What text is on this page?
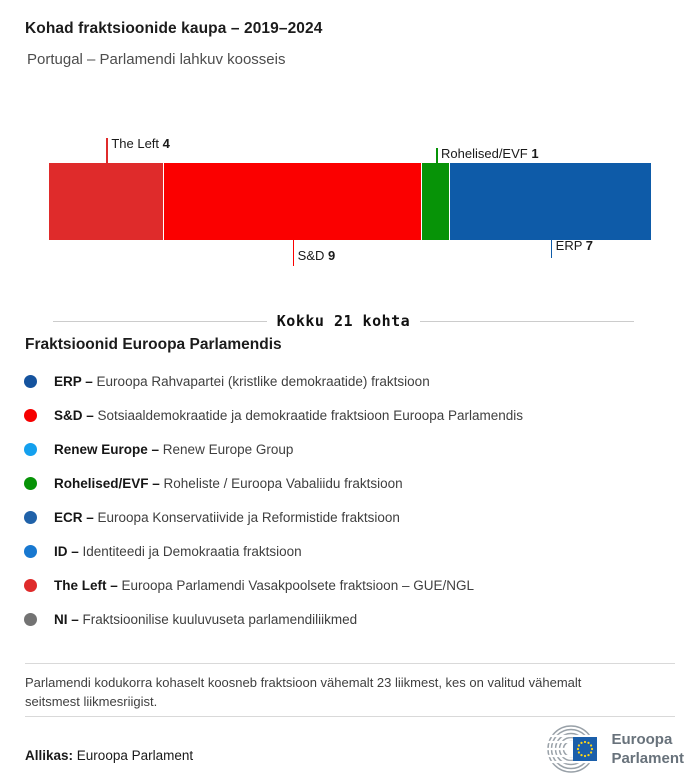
Kohad fraktsioonide kaupa – 2019–2024
Portugal – Parlamendi lahkuv koosseis
The Left 4
S&D 9
Rohelised/EVF 1
ERP 7
Kokku 21 kohta
Fraktsioonid Euroopa Parlamendis
ERP – Euroopa Rahvapartei (kristlike demokraatide) fraktsioon
S&D – Sotsiaaldemokraatide ja demokraatide fraktsioon Euroopa Parlamendis
Renew Europe – Renew Europe Group
Rohelised/EVF – Roheliste / Euroopa Vabaliidu fraktsioon
ECR – Euroopa Konservatiivide ja Reformistide fraktsioon
ID – Identiteedi ja Demokraatia fraktsioon
The Left – Euroopa Parlamendi Vasakpoolsete fraktsioon – GUE/NGL
NI – Fraktsioonilise kuuluvuseta parlamendiliikmed
Parlamendi kodukorra kohaselt koosneb fraktsioon vähemalt 23 liikmest, kes on valitud vähemalt seitsmest liikmesriigist.
Allikas: Euroopa Parlament
Euroopa
Parlament
